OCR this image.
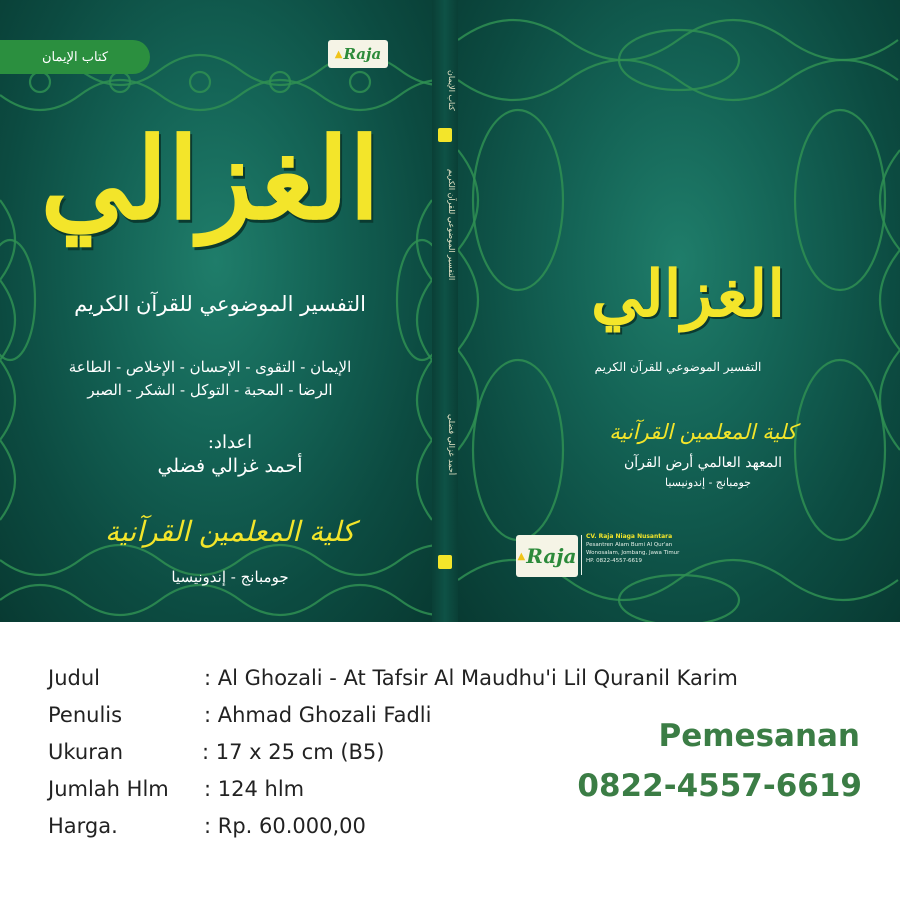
كتاب الإيمان	▲ Raja
الغزالي
التفسير الموضوعي للقرآن الكريم
الإيمان - التقوى - الإحسان - الإخلاص - الطاعة
الرضا - المحبة - التوكل - الشكر - الصبر
اعداد:
أحمد غزالي فضلي
كلية المعلمين القرآنية
جومبانج - إندونيسيا
كتاب الإيمان
التفسير الموضوعي للقرآن الكريم
أحمد غزالي فضلي
الغزالي
التفسير الموضوعي للقرآن الكريم
كلية المعلمين القرآنية
المعهد العالمي أرض القرآن
جومبانج - إندونيسيا
▲ Raja
CV. Raja Niaga Nusantara
Pesantren Alam Bumi Al Qur'an
Wonosalam, Jombang, Jawa Timur
HP. 0822-4557-6619
Judul	: Al Ghozali - At Tafsir Al Maudhu'i Lil Quranil Karim
Penulis	: Ahmad Ghozali Fadli
Ukuran	: 17 x 25 cm (B5)
Jumlah Hlm : 124 hlm
Harga.	: Rp. 60.000,00
Pemesanan
0822-4557-6619
